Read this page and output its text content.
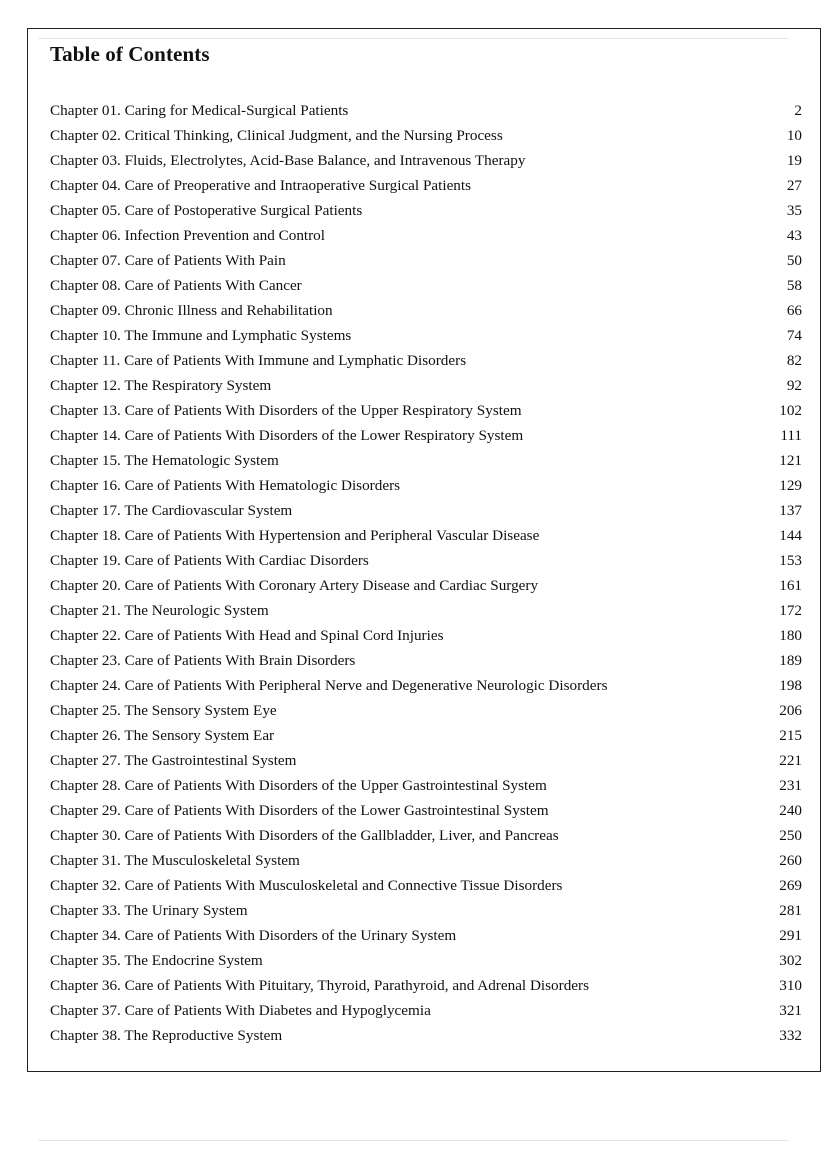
Table of Contents
Chapter 01. Caring for Medical-Surgical Patients	2
Chapter 02. Critical Thinking, Clinical Judgment, and the Nursing Process	10
Chapter 03. Fluids, Electrolytes, Acid-Base Balance, and Intravenous Therapy	19
Chapter 04. Care of Preoperative and Intraoperative Surgical Patients	27
Chapter 05. Care of Postoperative Surgical Patients	35
Chapter 06. Infection Prevention and Control	43
Chapter 07. Care of Patients With Pain	50
Chapter 08. Care of Patients With Cancer	58
Chapter 09. Chronic Illness and Rehabilitation	66
Chapter 10. The Immune and Lymphatic Systems	74
Chapter 11. Care of Patients With Immune and Lymphatic Disorders	82
Chapter 12. The Respiratory System	92
Chapter 13. Care of Patients With Disorders of the Upper Respiratory System	102
Chapter 14. Care of Patients With Disorders of the Lower Respiratory System	111
Chapter 15. The Hematologic System	121
Chapter 16. Care of Patients With Hematologic Disorders	129
Chapter 17. The Cardiovascular System	137
Chapter 18. Care of Patients With Hypertension and Peripheral Vascular Disease	144
Chapter 19. Care of Patients With Cardiac Disorders	153
Chapter 20. Care of Patients With Coronary Artery Disease and Cardiac Surgery	161
Chapter 21. The Neurologic System	172
Chapter 22. Care of Patients With Head and Spinal Cord Injuries	180
Chapter 23. Care of Patients With Brain Disorders	189
Chapter 24. Care of Patients With Peripheral Nerve and Degenerative Neurologic Disorders	198
Chapter 25. The Sensory System Eye	206
Chapter 26. The Sensory System Ear	215
Chapter 27. The Gastrointestinal System	221
Chapter 28. Care of Patients With Disorders of the Upper Gastrointestinal System	231
Chapter 29. Care of Patients With Disorders of the Lower Gastrointestinal System	240
Chapter 30. Care of Patients With Disorders of the Gallbladder, Liver, and Pancreas	250
Chapter 31. The Musculoskeletal System	260
Chapter 32. Care of Patients With Musculoskeletal and Connective Tissue Disorders	269
Chapter 33. The Urinary System	281
Chapter 34. Care of Patients With Disorders of the Urinary System	291
Chapter 35. The Endocrine System	302
Chapter 36. Care of Patients With Pituitary, Thyroid, Parathyroid, and Adrenal Disorders	310
Chapter 37. Care of Patients With Diabetes and Hypoglycemia	321
Chapter 38. The Reproductive System	332
